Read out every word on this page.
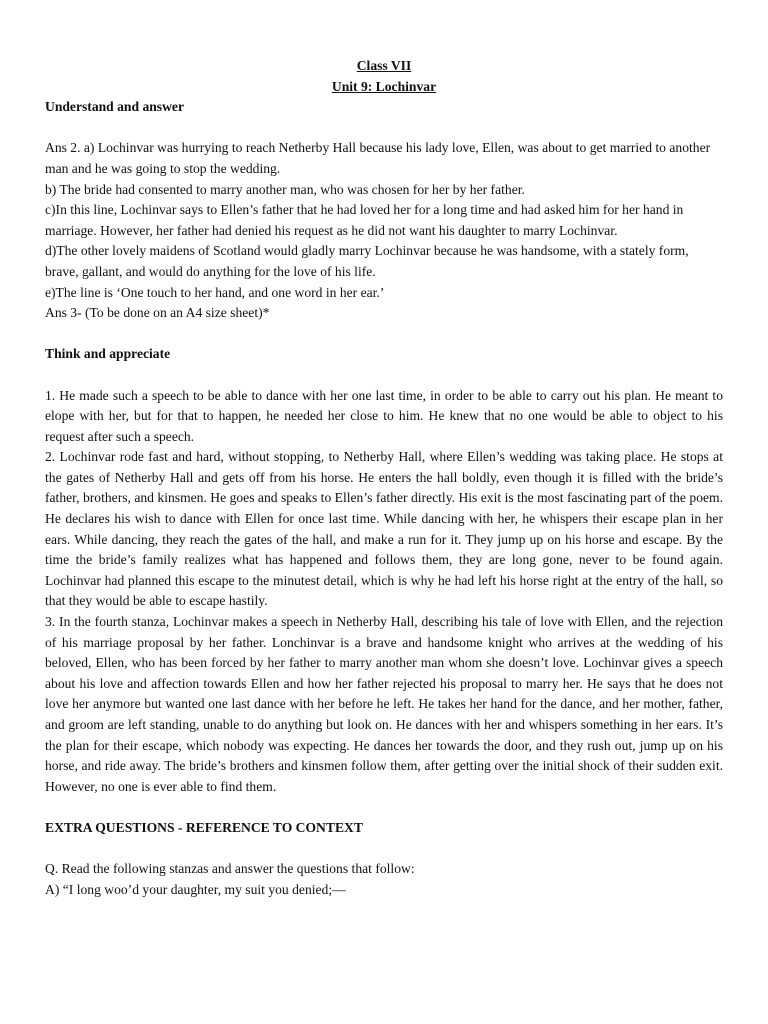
Class VII
Unit 9: Lochinvar
Understand and answer

Ans 2. a) Lochinvar was hurrying to reach Netherby Hall because his lady love, Ellen, was about to get married to another man and he was going to stop the wedding.

b) The bride had consented to marry another man, who was chosen for her by her father.

c)In this line, Lochinvar says to Ellen’s father that he had loved her for a long time and had asked him for her hand in marriage. However, her father had denied his request as he did not want his daughter to marry Lochinvar.

d)The other lovely maidens of Scotland would gladly marry Lochinvar because he was handsome, with a stately form, brave, gallant, and would do anything for the love of his life.

e)The line is ‘One touch to her hand, and one word in her ear.’

Ans 3- (To be done on an A4 size sheet)*

Think and appreciate

1. He made such a speech to be able to dance with her one last time, in order to be able to carry out his plan. He meant to elope with her, but for that to happen, he needed her close to him. He knew that no one would be able to object to his request after such a speech.

2. Lochinvar rode fast and hard, without stopping, to Netherby Hall, where Ellen’s wedding was taking place. He stops at the gates of Netherby Hall and gets off from his horse. He enters the hall boldly, even though it is filled with the bride’s father, brothers, and kinsmen. He goes and speaks to Ellen’s father directly. His exit is the most fascinating part of the poem. He declares his wish to dance with Ellen for once last time. While dancing with her, he whispers their escape plan in her ears. While dancing, they reach the gates of the hall, and make a run for it. They jump up on his horse and escape. By the time the bride’s family realizes what has happened and follows them, they are long gone, never to be found again. Lochinvar had planned this escape to the minutest detail, which is why he had left his horse right at the entry of the hall, so that they would be able to escape hastily.

3. In the fourth stanza, Lochinvar makes a speech in Netherby Hall, describing his tale of love with Ellen, and the rejection of his marriage proposal by her father. Lonchinvar is a brave and handsome knight who arrives at the wedding of his beloved, Ellen, who has been forced by her father to marry another man whom she doesn’t love. Lochinvar gives a speech about his love and affection towards Ellen and how her father rejected his proposal to marry her. He says that he does not love her anymore but wanted one last dance with her before he left. He takes her hand for the dance, and her mother, father, and groom are left standing, unable to do anything but look on. He dances with her and whispers something in her ears. It’s the plan for their escape, which nobody was expecting. He dances her towards the door, and they rush out, jump up on his horse, and ride away. The bride’s brothers and kinsmen follow them, after getting over the initial shock of their sudden exit. However, no one is ever able to find them.

EXTRA QUESTIONS - REFERENCE TO CONTEXT

Q. Read the following stanzas and answer the questions that follow:

A) “I long woo’d your daughter, my suit you denied;—
